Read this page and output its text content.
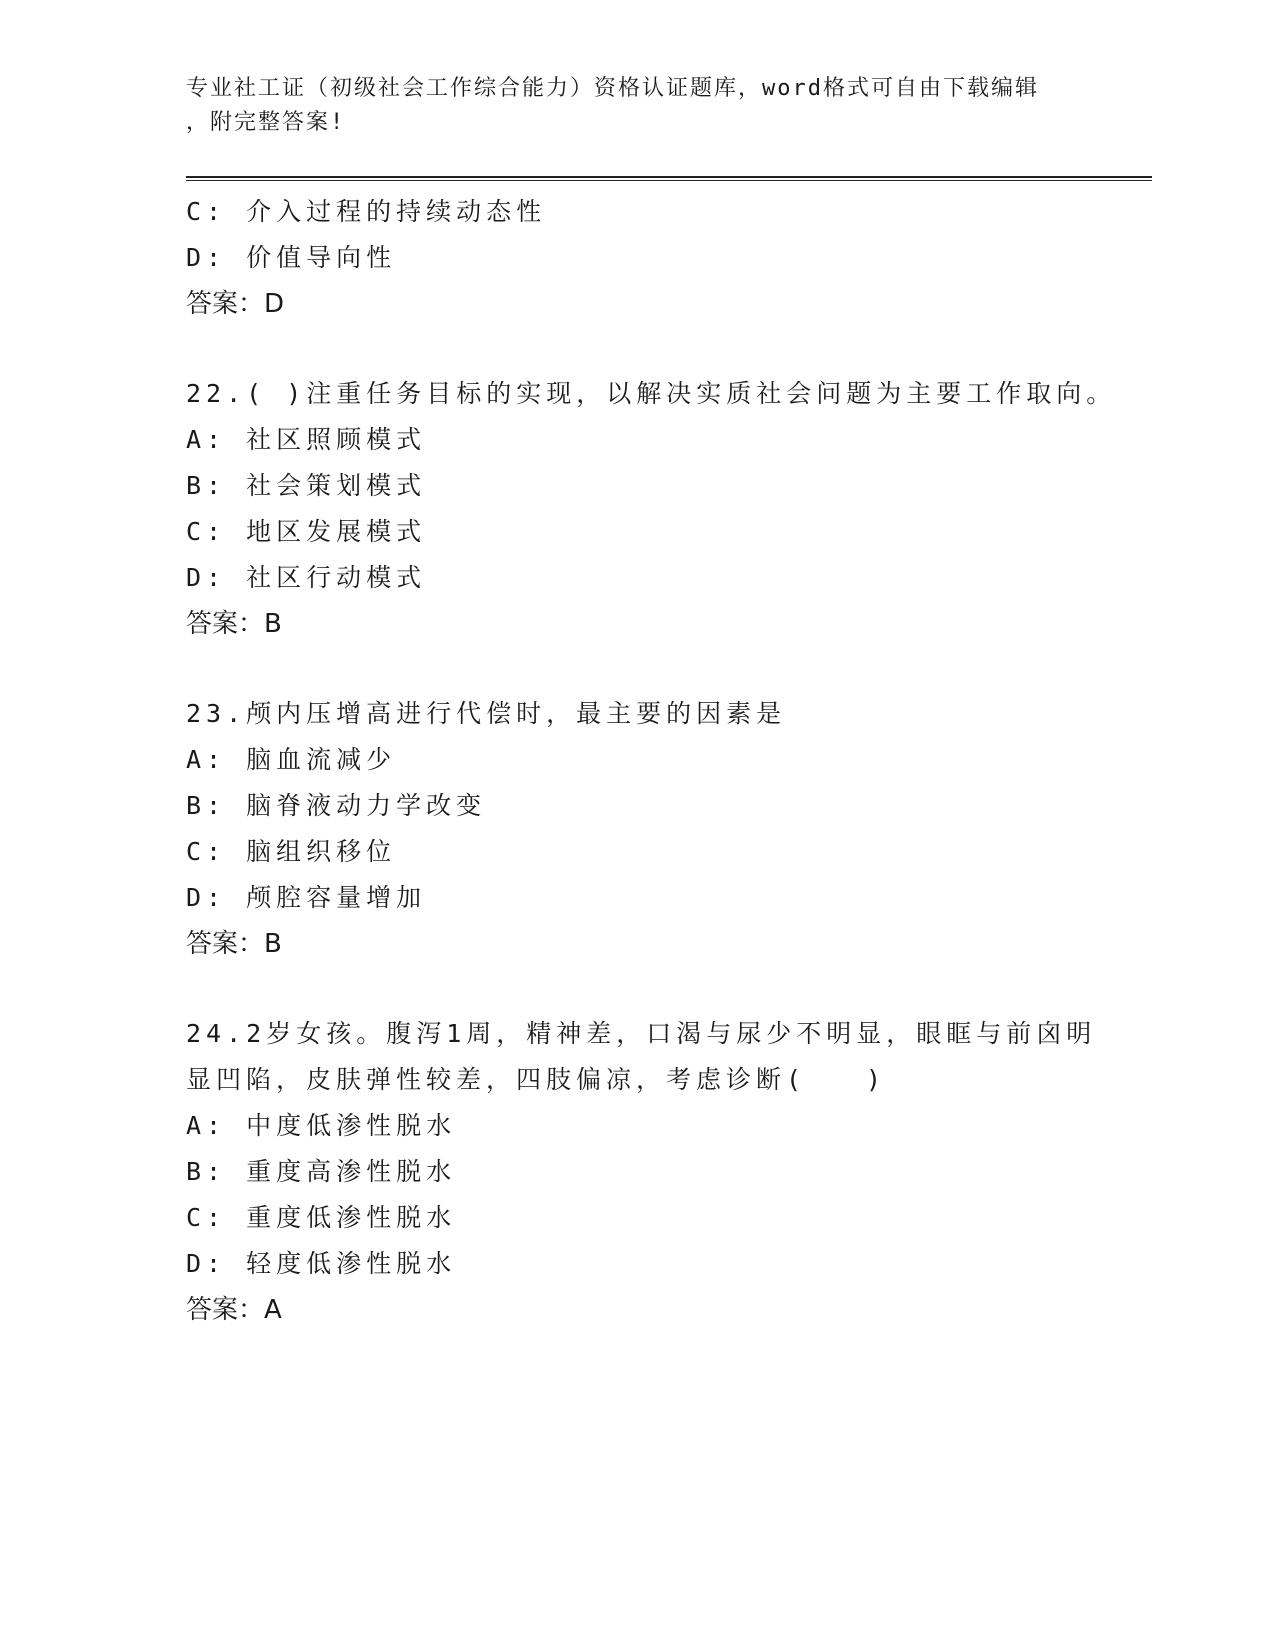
专业社工证（初级社会工作综合能力）资格认证题库，word格式可自由下载编辑
，附完整答案!
C: 介入过程的持续动态性
D: 价值导向性
答案：D
22.( )注重任务目标的实现，以解决实质社会问题为主要工作取向。
A: 社区照顾模式
B: 社会策划模式
C: 地区发展模式
D: 社区行动模式
答案：B
23.颅内压增高进行代偿时，最主要的因素是
A: 脑血流减少
B: 脑脊液动力学改变
C: 脑组织移位
D: 颅腔容量增加
答案：B
24.2岁女孩。腹泻1周，精神差，口渴与尿少不明显，眼眶与前囟明
显凹陷，皮肤弹性较差，四肢偏凉，考虑诊断(　　)
A: 中度低渗性脱水
B: 重度高渗性脱水
C: 重度低渗性脱水
D: 轻度低渗性脱水
答案：A
